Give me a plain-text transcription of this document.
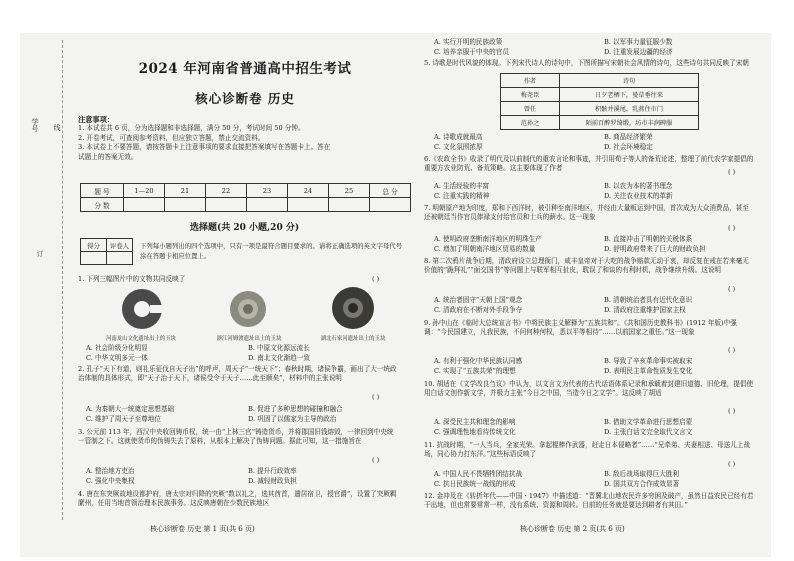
学号 线
订
2024 年河南省普通高中招生考试
核心诊断卷 历史
注意事项：
1. 本试卷共 6 页，分为选择题和非选择题，满分 50 分，考试时间 50 分钟。
2. 开卷考试，可查阅参考资料，但应独立答题，禁止交流资料。
3. 本试卷上不要答题，请按答题卡上注意事项的要求直接把答案填写在答题卡上。答在
试题上的答案无效。
题 号	1—20	21	22	23	24	25	总 分
分 数							
选择题(共 20 小题,20 分)
得分	评卷人
	下列每小题列出的四个选项中，只有一项是最符合题目要求的。请将正确选项的英文字母代号涂在答题卡相应位置上。
1. 下列三幅图片中的文物共同反映了	( )
河南龙山文化遗址出土的玉块	浙江河姆渡遗址出土的玉块	湖北石家河遗址出土的玉块
A. 社会阶级分化明显	B. 中原文化源远流长
C. 中华文明多元一体	D. 南北文化渐趋一致
2. 孔子“天下有道，则礼乐征伐自天子出”的呼声，周天子“一统天下”；春秋时期，诸侯争霸，画出了大一统政治体制的具体形式，即“天子治于天下，诸侯受令于天子……此至顺矣”，材料中的主张说明
( )
A. 为秦朝大一统奠定思想基础	B. 促进了多种思想的碰撞和融合
C. 维护了周天子至尊地位	D. 巩固了以儒家为主导的政治
3. 公元前 113 年，西汉中央收回铸币权，统一由“上林三官”铸造货币，并将郡国旧钱熔毁，一律回到中央统一管制之下。这就使货币的伪铸失去了原料，从根本上解决了伪铸问题。据此可知，这一措施旨在
( )
A. 整治地方吏治	B. 提升行政效率
C. 强化中央集权	D. 减轻财政负担
4. 唐在东突厥故地设都护府，唐太宗对归降的突厥“数以礼之，选其酋首，遣居宿卫，授官爵”，设置了突厥羁縻州，任用当地首领治理本民族事务。这反映唐朝在少数民族地区
核心诊断卷 历史 第 1 页(共 6 页)
A. 实行开明的民族政策	B. 以军事力量征服少数
C. 培养亲服于中央的官员	D. 注重发展边疆的经济
5. 诗歌是时代风貌的体现。下列宋代诗人的诗句中，下图所描写宋朝社会风情的诗句，这些诗句共同反映了宋朝
作者	诗句
梅尧臣	日夕老栖下，曼草垂往来
曾任	积骸并溪尾，乳燕住市门
范孙之	陌前百醉罗绮缎，坊市丰润碑服
A. 诗歌成就最高	B. 商品经济繁荣
C. 文化氛围浓厚	D. 社会环境稳定
6.《农政全书》收录了明代及以前制代的重农言论和事迹，并引用荀子等人的备荒论述，整理了前代农学家提倡的重要方农业防荒、备荒策略。这主要体现了作者	( )
A. 生活经验的丰富	B. 以农为本的著书理念
C. 注重实践的精神	D. 关注农业技术的革新
7. 明朝原产地为印度，郑和下西洋时，被引种至南洋地区，并经由大量贩运到中国，首次成为大众消费品，甚至还被朝廷当作官员俸禄支付给官员和士兵的薪水。这一现象
( )
A. 使明政府垄断南洋地区的明珠生产	B. 直接冲击了明朝的关税体系
C. 增加了明朝南洋地区贸易的数量	D. 舒明政府带来了巨大的财政负担
8. 第二次鸦片战争后期，清政府设立总理衙门，咸丰皇帝对于大吃的战争赔款无动于衷，却反复在戒在若来毫无价值的“跪拜礼”“面交国书”等问题上与联军相互扯皮，耽误了和谈的有利时机，战争继续升级。这说明
( )
A. 统治者固守“天朝上国”观念	B. 清朝统治者具有近代化意识
C. 清政府在不断对外手段争夺	D. 清政府注重维护国家主权
9. 孙中山在《临时大总统宣言书》中将民族主义解释为“五族共和”。《共和国历史教科书》(1912 年版)中强调：“今民国建立，凡我民族，不问何种何权，悉以平等相待”……以前国家之重任。”这一现象
( )
A. 有利于强化中华民族认同感	B. 导致了辛亥革命事实被取宋
C. 实现了“五族共荣”的理想	D. 表明民主革命性质发生变化
10. 胡适在《文学改良刍议》中认为，以文言文为代表的古代话语体系记录和承载着封建旧道德、旧伦理，提倡使用白话文创作新文学，并极力主张“今日之中国，当造今日之文学”。这反映了胡适
( )
A. 深受民主共和理念的影响	B. 借助文学革命进行思想启蒙
C. 强调理性地看待传统文化	D. 主张白话文完全取代文言文
11. 抗战时期，“一人当兵，全家光荣。拿起棍棒作武器，赶走日本侵略者”……“兄牵弟、夫妻相送、母送儿上战场，同心协力打东洋。”这些标语反映了
( )
A. 中国人民不畏牺牲团结抗战	B. 敌后战场取得巨大胜利
C. 抗日民族统一战线的形成	D. 国共双方合作成效显著
12. 金冲及在《转折年代——中国・1947》中描述道：“晋冀北山地农民许多穷困及破产，虽然日益农民已经有若干出地，但也常要常常一样，没有系统、资源和周转。目前的任务就是要达到耕者有其田。”
核心诊断卷 历史 第 2 页(共 6 页)
